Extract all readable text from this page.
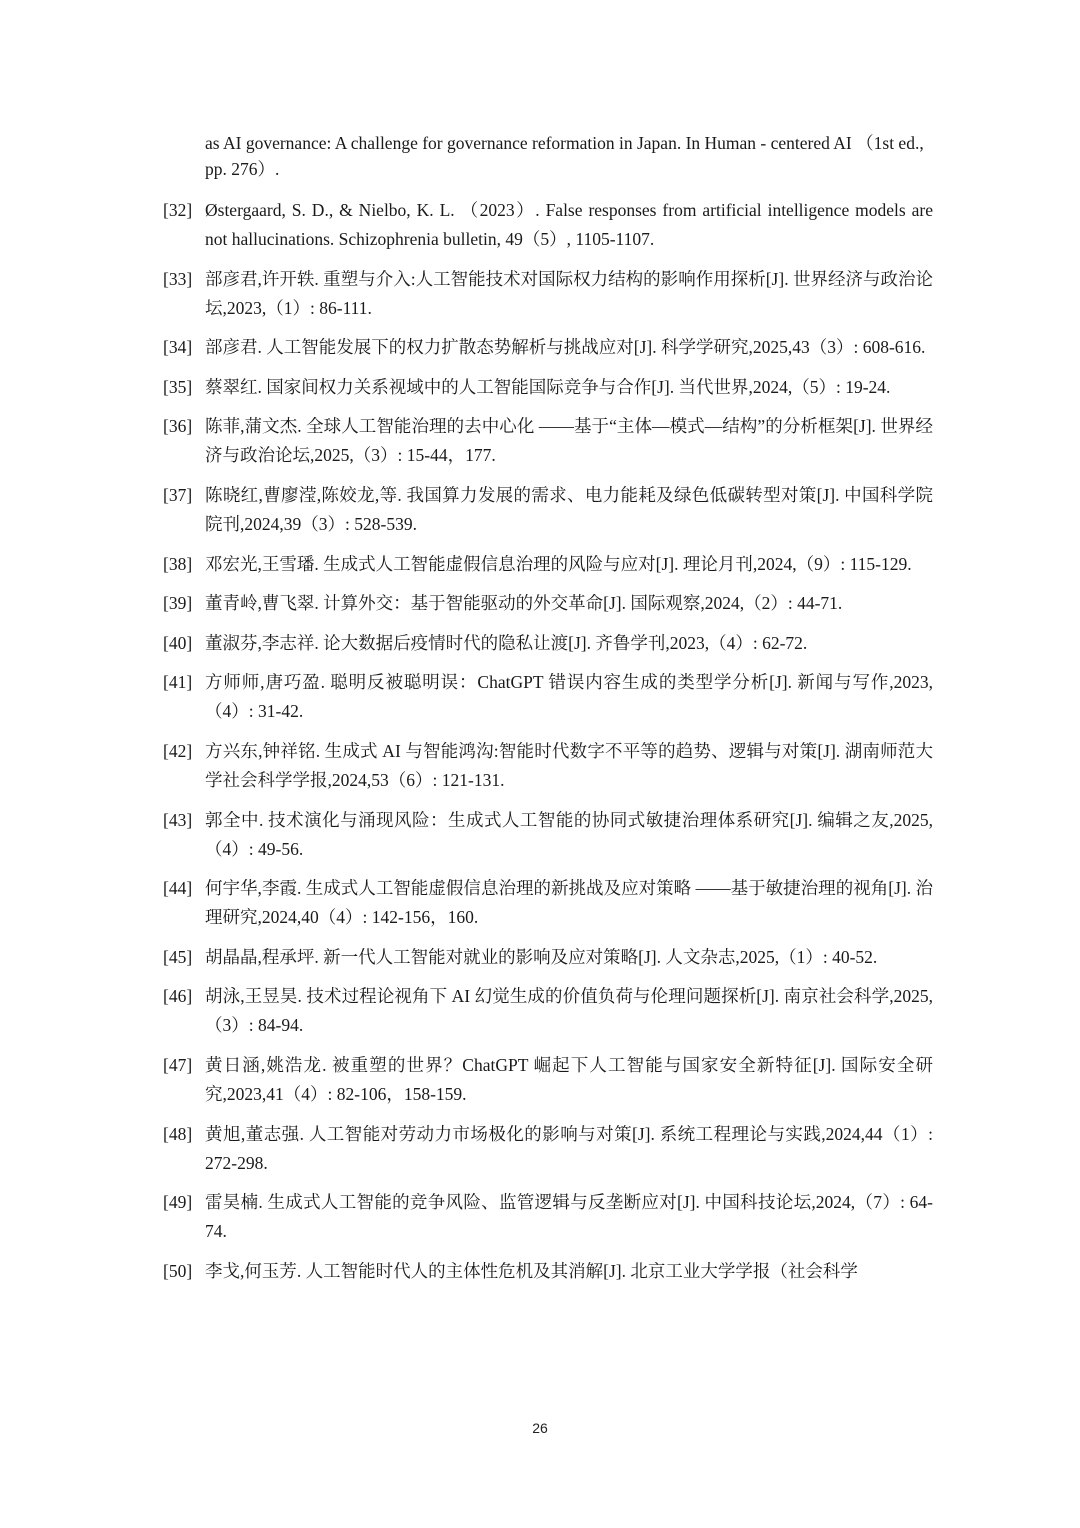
as AI governance: A challenge for governance reformation in Japan. In Human - centered AI （1st ed., pp. 276）.
[32] Østergaard, S. D., & Nielbo, K. L. （2023）. False responses from artificial intelligence models are not hallucinations. Schizophrenia bulletin, 49（5）, 1105-1107.
[33] 部彦君,许开轶. 重塑与介入:人工智能技术对国际权力结构的影响作用探析[J]. 世界经济与政治论坛,2023,（1）: 86-111.
[34] 部彦君. 人工智能发展下的权力扩散态势解析与挑战应对[J]. 科学学研究,2025,43（3）: 608-616.
[35] 蔡翠红. 国家间权力关系视域中的人工智能国际竞争与合作[J]. 当代世界,2024,（5）: 19-24.
[36] 陈菲,蒲文杰. 全球人工智能治理的去中心化 ——基于“主体—模式—结构”的分析框架[J]. 世界经济与政治论坛,2025,（3）: 15-44，177.
[37] 陈晓红,曹廖滢,陈姣龙,等. 我国算力发展的需求、电力能耗及绿色低碳转型对策[J]. 中国科学院院刊,2024,39（3）: 528-539.
[38] 邓宏光,王雪璠. 生成式人工智能虚假信息治理的风险与应对[J]. 理论月刊,2024,（9）: 115-129.
[39] 董青岭,曹飞翠. 计算外交：基于智能驱动的外交革命[J]. 国际观察,2024,（2）: 44-71.
[40] 董淑芬,李志祥. 论大数据后疫情时代的隐私让渡[J]. 齐鲁学刊,2023,（4）: 62-72.
[41] 方师师,唐巧盈. 聪明反被聪明误：ChatGPT 错误内容生成的类型学分析[J]. 新闻与写作,2023,（4）: 31-42.
[42] 方兴东,钟祥铭. 生成式 AI 与智能鸿沟:智能时代数字不平等的趋势、逻辑与对策[J]. 湖南师范大学社会科学学报,2024,53（6）: 121-131.
[43] 郭全中. 技术演化与涌现风险：生成式人工智能的协同式敏捷治理体系研究[J]. 编辑之友,2025,（4）: 49-56.
[44] 何宇华,李霞. 生成式人工智能虚假信息治理的新挑战及应对策略 ——基于敏捷治理的视角[J]. 治理研究,2024,40（4）: 142-156，160.
[45] 胡晶晶,程承坪. 新一代人工智能对就业的影响及应对策略[J]. 人文杂志,2025,（1）: 40-52.
[46] 胡泳,王昱昊. 技术过程论视角下 AI 幻觉生成的价值负荷与伦理问题探析[J]. 南京社会科学,2025,（3）: 84-94.
[47] 黄日涵,姚浩龙. 被重塑的世界？ChatGPT 崛起下人工智能与国家安全新特征[J]. 国际安全研究,2023,41（4）: 82-106，158-159.
[48] 黄旭,董志强. 人工智能对劳动力市场极化的影响与对策[J]. 系统工程理论与实践,2024,44（1）: 272-298.
[49] 雷昊楠. 生成式人工智能的竞争风险、监管逻辑与反垄断应对[J]. 中国科技论坛,2024,（7）: 64-74.
[50] 李戈,何玉芳. 人工智能时代人的主体性危机及其消解[J]. 北京工业大学学报（社会科学
26
